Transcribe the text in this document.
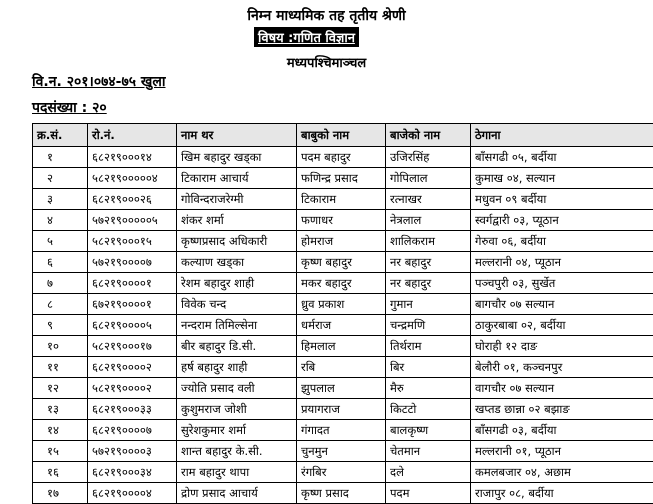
निम्न माध्यमिक तह तृतीय श्रेणी
विषय :गणित विज्ञान
मध्यपश्चिमाञ्चल
वि.न. २०१।०७४-७५ खुला
पदसंख्या : २०
क्र.सं.	रो.नं.	नाम थर	बाबुको नाम	बाजेको नाम	ठेगाना
१	६८२१९०००१४	खिम बहादुर खड्का	पदम बहादुर	उजिरसिंह	बाँसगढी ०५, बर्दीया
२	५८२१९०००००४	टिकाराम आचार्य	फणिन्द्र प्रसाद	गोपिलाल	कुमाख ०४, सल्यान
३	६८२१९०००२६	गोविन्दराजरेग्मी	टिकाराम	रत्नाखर	मधुवन ०९ बर्दीया
४	५७२१९०००००५	शंकर शर्मा	फणाधर	नेत्रलाल	स्वर्गद्वारी ०३, प्यूठान
५	५८२१९०००१५	कृष्णप्रसाद अधिकारी	होमराज	शालिकराम	गेरुवा ०६, बर्दीया
६	५७२१९००००७	कल्याण खड्का	कृष्ण बहादुर	नर बहादुर	मल्लरानी ०४, प्यूठान
७	६८२१९००००१	रेशम बहादुर शाही	मकर बहादुर	नर बहादुर	पञ्चपुरी ०३, सुर्खेत
८	६७२१९००००१	विवेक चन्द	ध्रुव प्रकाश	गुमान	बागचौर ०७ सल्यान
९	६८२१९००००५	नन्दराम तिमिल्सेना	धर्मराज	चन्द्रमणि	ठाकुरबाबा ०२, बर्दीया
१०	५८२१९०००१७	बीर बहादुर डि.सी.	हिमलाल	तिर्थराम	घोराही १२ दाङ
११	६८२१९००००२	हर्ष बहादुर शाही	रबि	बिर	बेलौरी ०१, कञ्चनपुर
१२	५८२१९००००२	ज्योति प्रसाद वली	झुपलाल	मैरु	वागचौर ०७ सल्यान
१३	६८२१९०००३३	कुशुमराज जोशी	प्रयागराज	किटटो	खप्तड छान्ना ०२ बझाङ
१४	६८२१९००००७	सुरेशकुमार शर्मा	गंगादत	बालकृष्ण	बाँसगढी ०३, बर्दीया
१५	५७२१९००००३	शान्त बहादुर के.सी.	चुनमुन	चेतमान	मल्लरानी ०१, प्यूठान
१६	६८२१९०००३४	राम बहादुर थापा	रंगबिर	दले	कमलबजार ०४, अछाम
१७	६८२१९००००४	द्रोण प्रसाद आचार्य	कृष्ण प्रसाद	पदम	राजापुर ०८, बर्दीया
